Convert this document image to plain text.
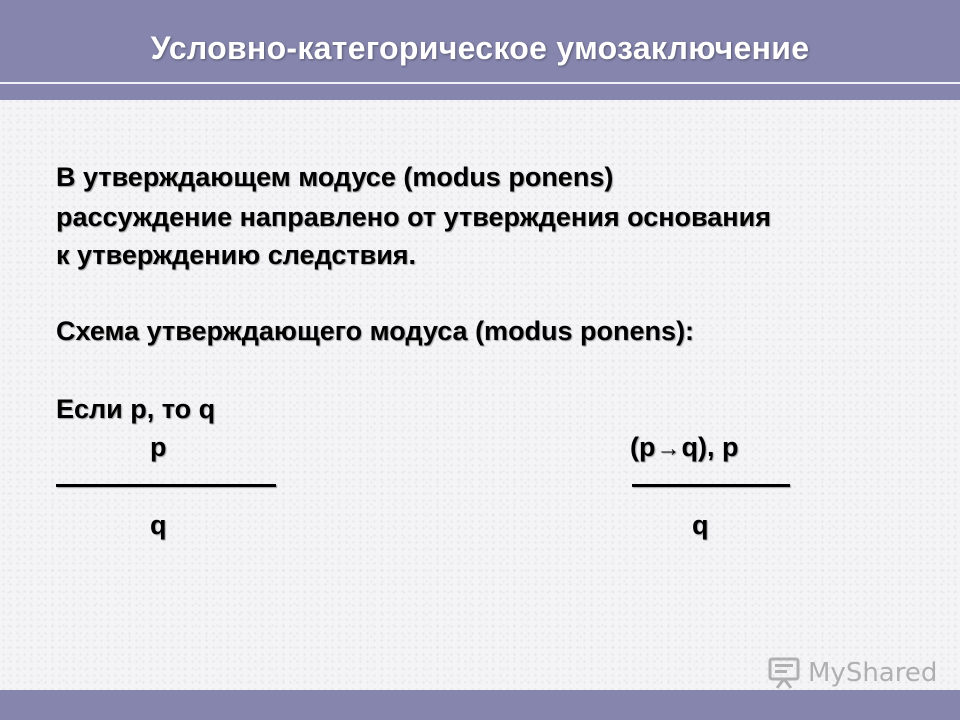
Условно-категорическое умозаключение
В утверждающем модусе (modus ponens)
рассуждение направлено от утверждения основания
к утверждению следствия.
Схема утверждающего модуса (modus ponens):
Если р, то q
р
q
(p→q), p
q
MyShared
